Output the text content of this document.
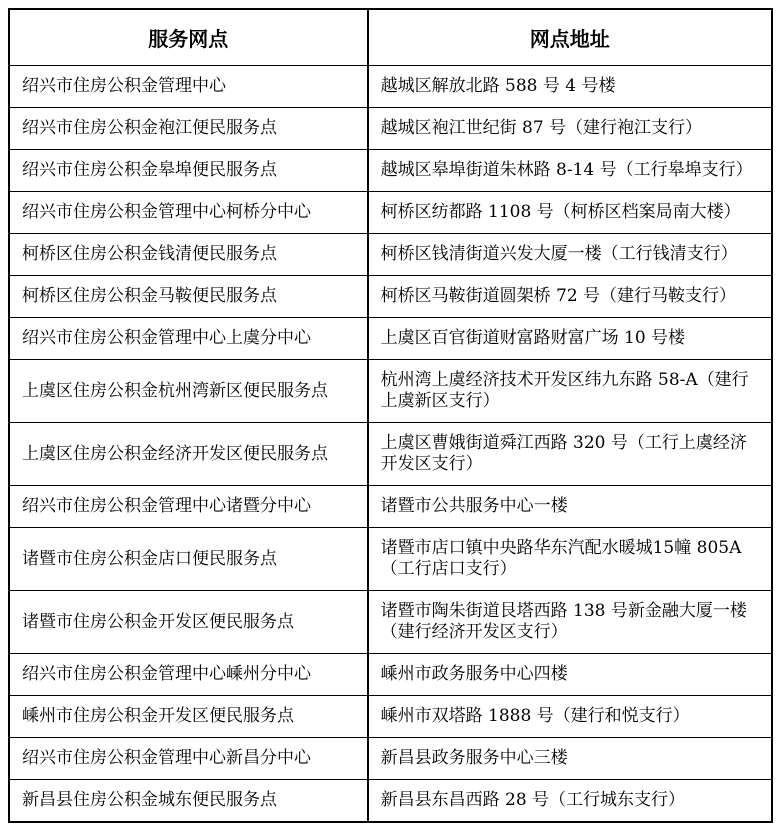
服务网点	网点地址
绍兴市住房公积金管理中心	越城区解放北路 588 号 4 号楼
绍兴市住房公积金袍江便民服务点	越城区袍江世纪街 87 号（建行袍江支行）
绍兴市住房公积金皋埠便民服务点	越城区皋埠街道朱林路 8-14 号（工行皋埠支行）
绍兴市住房公积金管理中心柯桥分中心	柯桥区纺都路 1108 号（柯桥区档案局南大楼）
柯桥区住房公积金钱清便民服务点	柯桥区钱清街道兴发大厦一楼（工行钱清支行）
柯桥区住房公积金马鞍便民服务点	柯桥区马鞍街道圆架桥 72 号（建行马鞍支行）
绍兴市住房公积金管理中心上虞分中心	上虞区百官街道财富路财富广场 10 号楼
上虞区住房公积金杭州湾新区便民服务点	杭州湾上虞经济技术开发区纬九东路 58-A（建行上虞新区支行）
上虞区住房公积金经济开发区便民服务点	上虞区曹娥街道舜江西路 320 号（工行上虞经济开发区支行）
绍兴市住房公积金管理中心诸暨分中心	诸暨市公共服务中心一楼
诸暨市住房公积金店口便民服务点	诸暨市店口镇中央路华东汽配水暖城15幢 805A（工行店口支行）
诸暨市住房公积金开发区便民服务点	诸暨市陶朱街道艮塔西路 138 号新金融大厦一楼（建行经济开发区支行）
绍兴市住房公积金管理中心嵊州分中心	嵊州市政务服务中心四楼
嵊州市住房公积金开发区便民服务点	嵊州市双塔路 1888 号（建行和悦支行）
绍兴市住房公积金管理中心新昌分中心	新昌县政务服务中心三楼
新昌县住房公积金城东便民服务点	新昌县东昌西路 28 号（工行城东支行）
